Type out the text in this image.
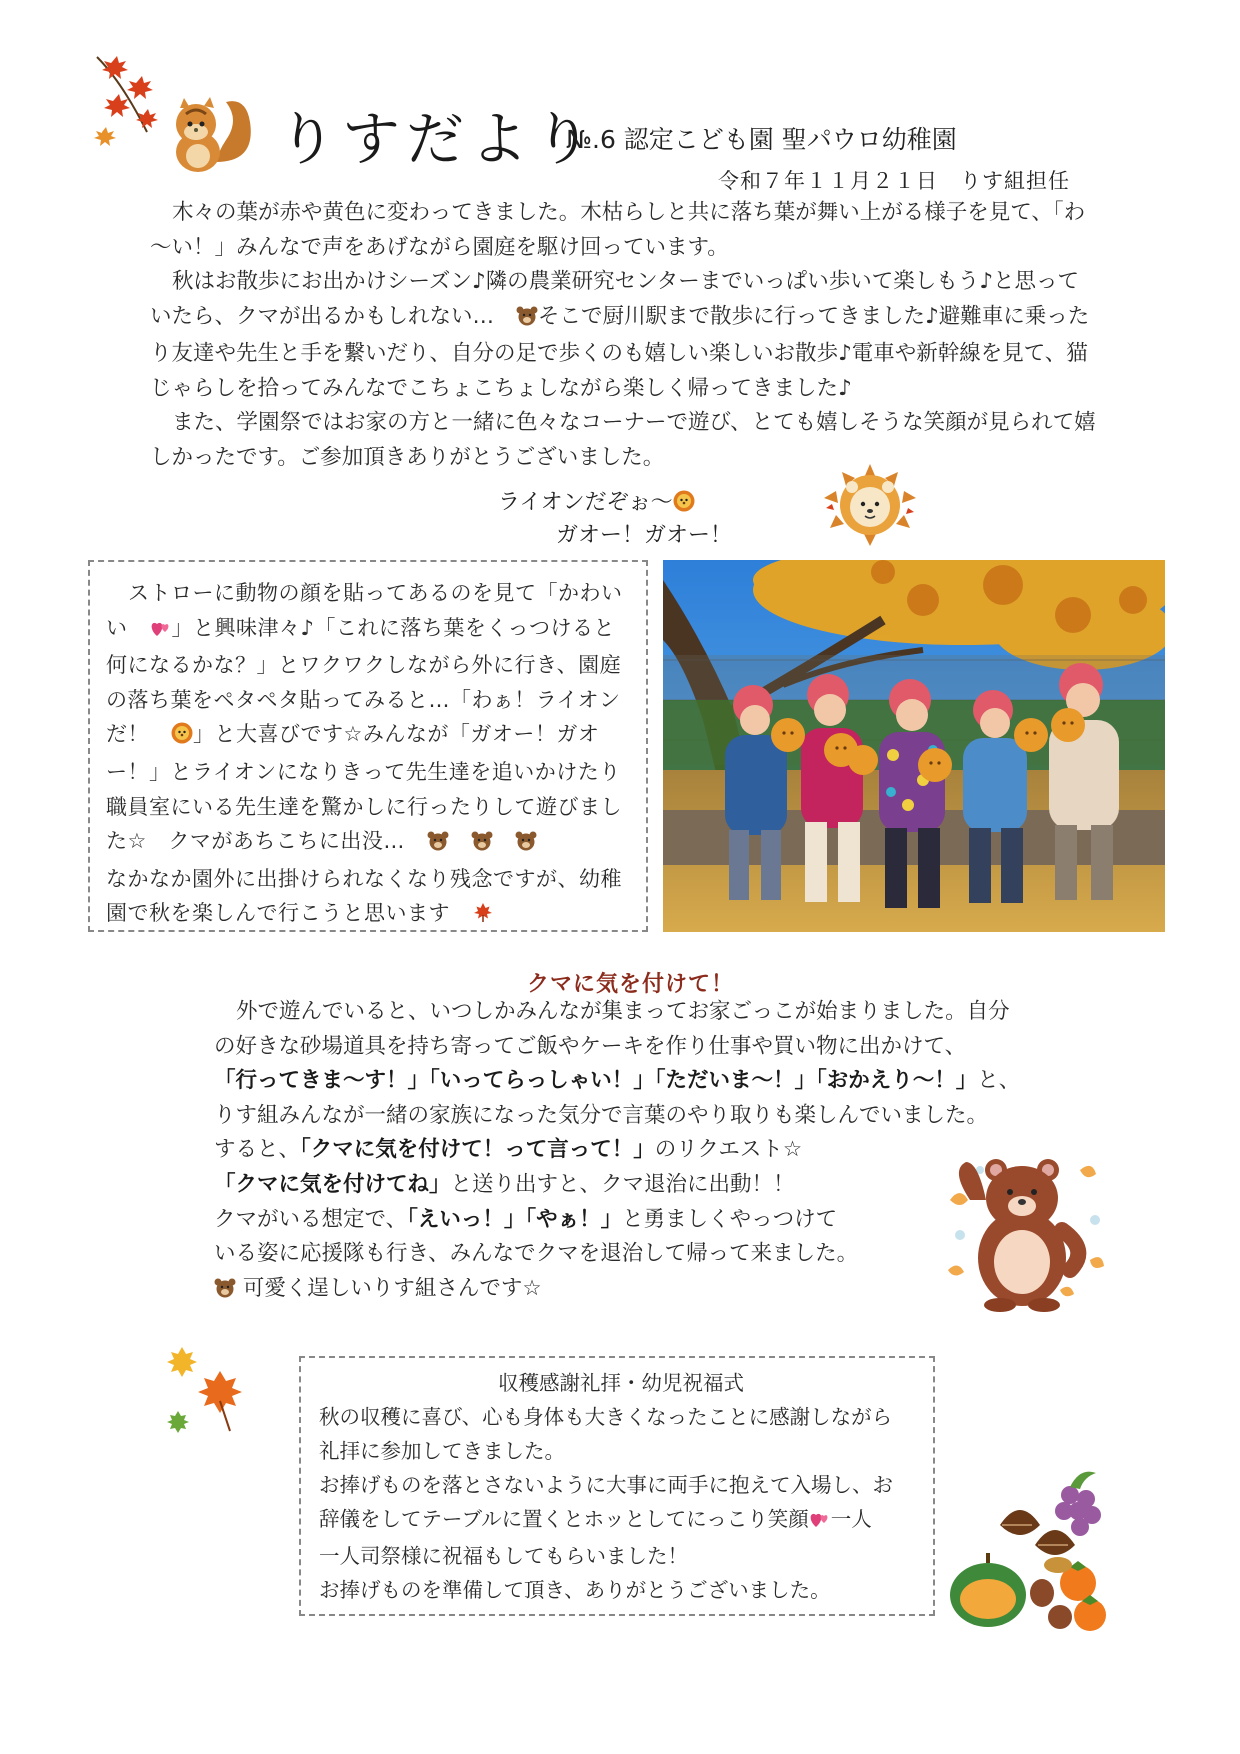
りすだより
№.6 認定こども園 聖パウロ幼稚園
令和７年１１月２１日　りす組担任

木々の葉が赤や黄色に変わってきました。木枯らしと共に落ち葉が舞い上がる様子を見て、「わ～い！」みんなで声をあげながら園庭を駆け回っています。

秋はお散歩にお出かけシーズン♪隣の農業研究センターまでいっぱい歩いて楽しもう♪と思っていたら、クマが出るかもしれない… そこで厨川駅まで散歩に行ってきました♪避難車に乗ったり友達や先生と手を繋いだり、自分の足で歩くのも嬉しい楽しいお散歩♪電車や新幹線を見て、猫じゃらしを拾ってみんなでこちょこちょしながら楽しく帰ってきました♪

また、学園祭ではお家の方と一緒に色々なコーナーで遊び、とても嬉しそうな笑顔が見られて嬉しかったです。ご参加頂きありがとうございました。

ライオンだぞぉ～
ガオー！ガオー！

ストローに動物の顔を貼ってあるのを見て「かわいい 」と興味津々♪「これに落ち葉をくっつけると何になるかな？」とワクワクしながら外に行き、園庭の落ち葉をペタペタ貼ってみると…「わぁ！ライオンだ！ 」と大喜びです☆みんなが「ガオー！ガオー！」とライオンになりきって先生達を追いかけたり職員室にいる先生達を驚かしに行ったりして遊びました☆　クマがあちこちに出没…
なかなか園外に出掛けられなくなり残念ですが、幼稚園で秋を楽しんで行こうと思います

クマに気を付けて！
外で遊んでいると、いつしかみんなが集まってお家ごっこが始まりました。自分
の好きな砂場道具を持ち寄ってご飯やケーキを作り仕事や買い物に出かけて、
「行ってきま～す！」「いってらっしゃい！」「ただいま～！」「おかえり～！」と、
りす組みんなが一緒の家族になった気分で言葉のやり取りも楽しんでいました。
すると、「クマに気を付けて！って言って！」のリクエスト☆
「クマに気を付けてね」と送り出すと、クマ退治に出動！！
クマがいる想定で、「えいっ！」「やぁ！」と勇ましくやっつけて
いる姿に応援隊も行き、みんなでクマを退治して帰って来ました。
可愛く逞しいりす組さんです☆
収穫感謝礼拝・幼児祝福式
秋の収穫に喜び、心も身体も大きくなったことに感謝しながら
礼拝に参加してきました。
お捧げものを落とさないように大事に両手に抱えて入場し、お
辞儀をしてテーブルに置くとホッとしてにっこり笑顔 一人
一人司祭様に祝福もしてもらいました！
お捧げものを準備して頂き、ありがとうございました。
